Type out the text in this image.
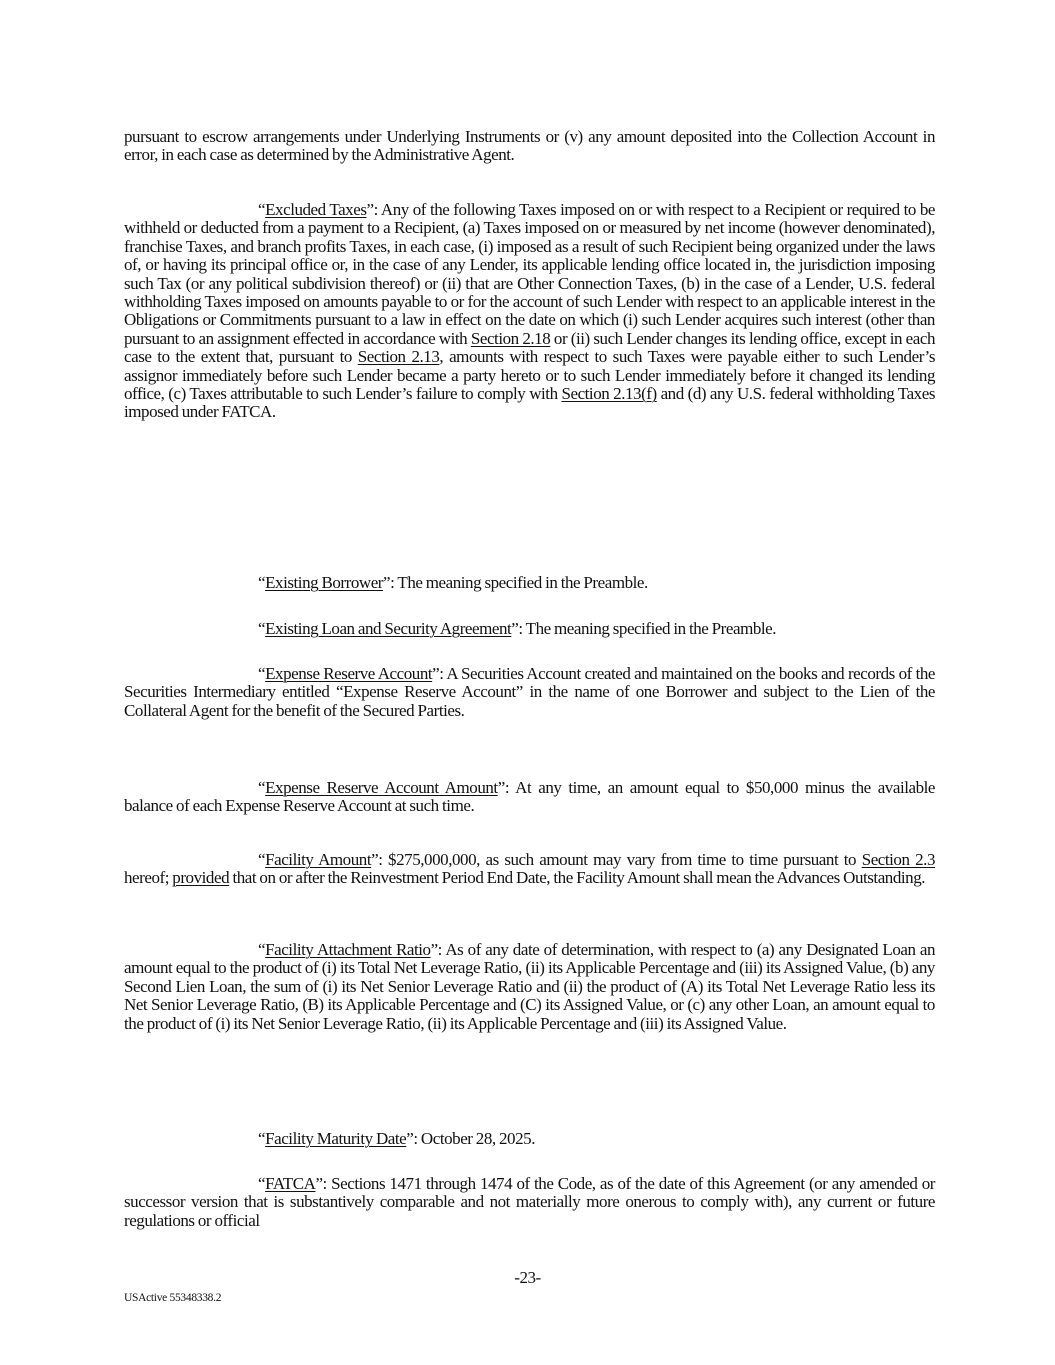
pursuant to escrow arrangements under Underlying Instruments or (v) any amount deposited into the Collection Account in error, in each case as determined by the Administrative Agent.
“Excluded Taxes”: Any of the following Taxes imposed on or with respect to a Recipient or required to be withheld or deducted from a payment to a Recipient, (a) Taxes imposed on or measured by net income (however denominated), franchise Taxes, and branch profits Taxes, in each case, (i) imposed as a result of such Recipient being organized under the laws of, or having its principal office or, in the case of any Lender, its applicable lending office located in, the jurisdiction imposing such Tax (or any political subdivision thereof) or (ii) that are Other Connection Taxes, (b) in the case of a Lender, U.S. federal withholding Taxes imposed on amounts payable to or for the account of such Lender with respect to an applicable interest in the Obligations or Commitments pursuant to a law in effect on the date on which (i) such Lender acquires such interest (other than pursuant to an assignment effected in accordance with Section 2.18 or (ii) such Lender changes its lending office, except in each case to the extent that, pursuant to Section 2.13, amounts with respect to such Taxes were payable either to such Lender’s assignor immediately before such Lender became a party hereto or to such Lender immediately before it changed its lending office, (c) Taxes attributable to such Lender’s failure to comply with Section 2.13(f) and (d) any U.S. federal withholding Taxes imposed under FATCA.
“Existing Borrower”: The meaning specified in the Preamble.
“Existing Loan and Security Agreement”: The meaning specified in the Preamble.
“Expense Reserve Account”: A Securities Account created and maintained on the books and records of the Securities Intermediary entitled “Expense Reserve Account” in the name of one Borrower and subject to the Lien of the Collateral Agent for the benefit of the Secured Parties.
“Expense Reserve Account Amount”: At any time, an amount equal to $50,000 minus the available balance of each Expense Reserve Account at such time.
“Facility Amount”: $275,000,000, as such amount may vary from time to time pursuant to Section 2.3 hereof; provided that on or after the Reinvestment Period End Date, the Facility Amount shall mean the Advances Outstanding.
“Facility Attachment Ratio”: As of any date of determination, with respect to (a) any Designated Loan an amount equal to the product of (i) its Total Net Leverage Ratio, (ii) its Applicable Percentage and (iii) its Assigned Value, (b) any Second Lien Loan, the sum of (i) its Net Senior Leverage Ratio and (ii) the product of (A) its Total Net Leverage Ratio less its Net Senior Leverage Ratio, (B) its Applicable Percentage and (C) its Assigned Value, or (c) any other Loan, an amount equal to the product of (i) its Net Senior Leverage Ratio, (ii) its Applicable Percentage and (iii) its Assigned Value.
“Facility Maturity Date”: October 28, 2025.
“FATCA”: Sections 1471 through 1474 of the Code, as of the date of this Agreement (or any amended or successor version that is substantively comparable and not materially more onerous to comply with), any current or future regulations or official
-23-
USActive 55348338.2
